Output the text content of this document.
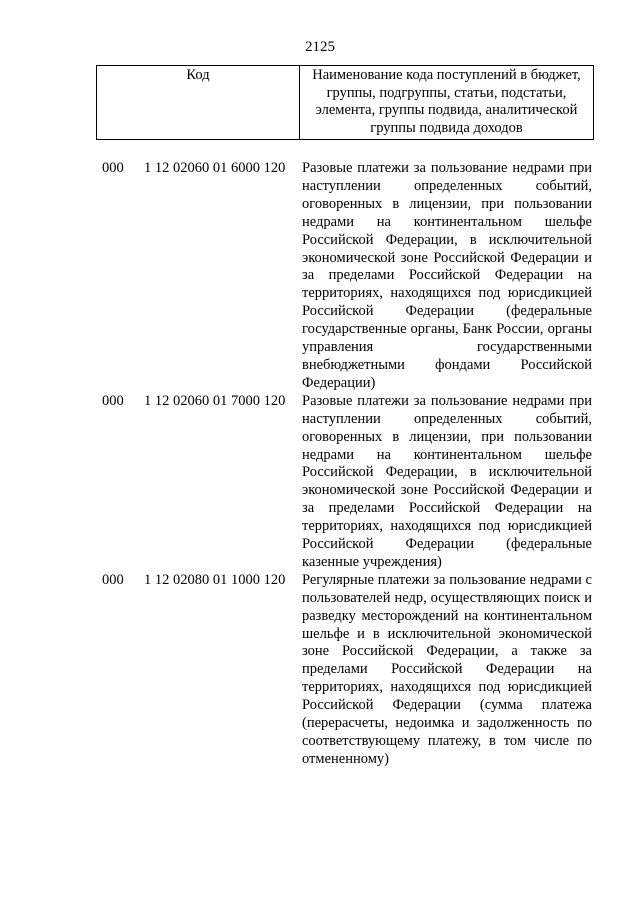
2125
Код	Наименование кода поступлений в бюджет, группы, подгруппы, статьи, подстатьи, элемента, группы подвида, аналитической группы подвида доходов
000	1 12 02060 01 6000 120	Разовые платежи за пользование недрами при наступлении определенных событий, оговоренных в лицензии, при пользовании недрами на континентальном шельфе Российской Федерации, в исключительной экономической зоне Российской Федерации и за пределами Российской Федерации на территориях, находящихся под юрисдикцией Российской Федерации (федеральные государственные органы, Банк России, органы управления государственными внебюджетными фондами Российской Федерации)
000	1 12 02060 01 7000 120	Разовые платежи за пользование недрами при наступлении определенных событий, оговоренных в лицензии, при пользовании недрами на континентальном шельфе Российской Федерации, в исключительной экономической зоне Российской Федерации и за пределами Российской Федерации на территориях, находящихся под юрисдикцией Российской Федерации (федеральные казенные учреждения)
000	1 12 02080 01 1000 120	Регулярные платежи за пользование недрами с пользователей недр, осуществляющих поиск и разведку месторождений на континентальном шельфе и в исключительной экономической зоне Российской Федерации, а также за пределами Российской Федерации на территориях, находящихся под юрисдикцией Российской Федерации (сумма платежа (перерасчеты, недоимка и задолженность по соответствующему платежу, в том числе по отмененному)
